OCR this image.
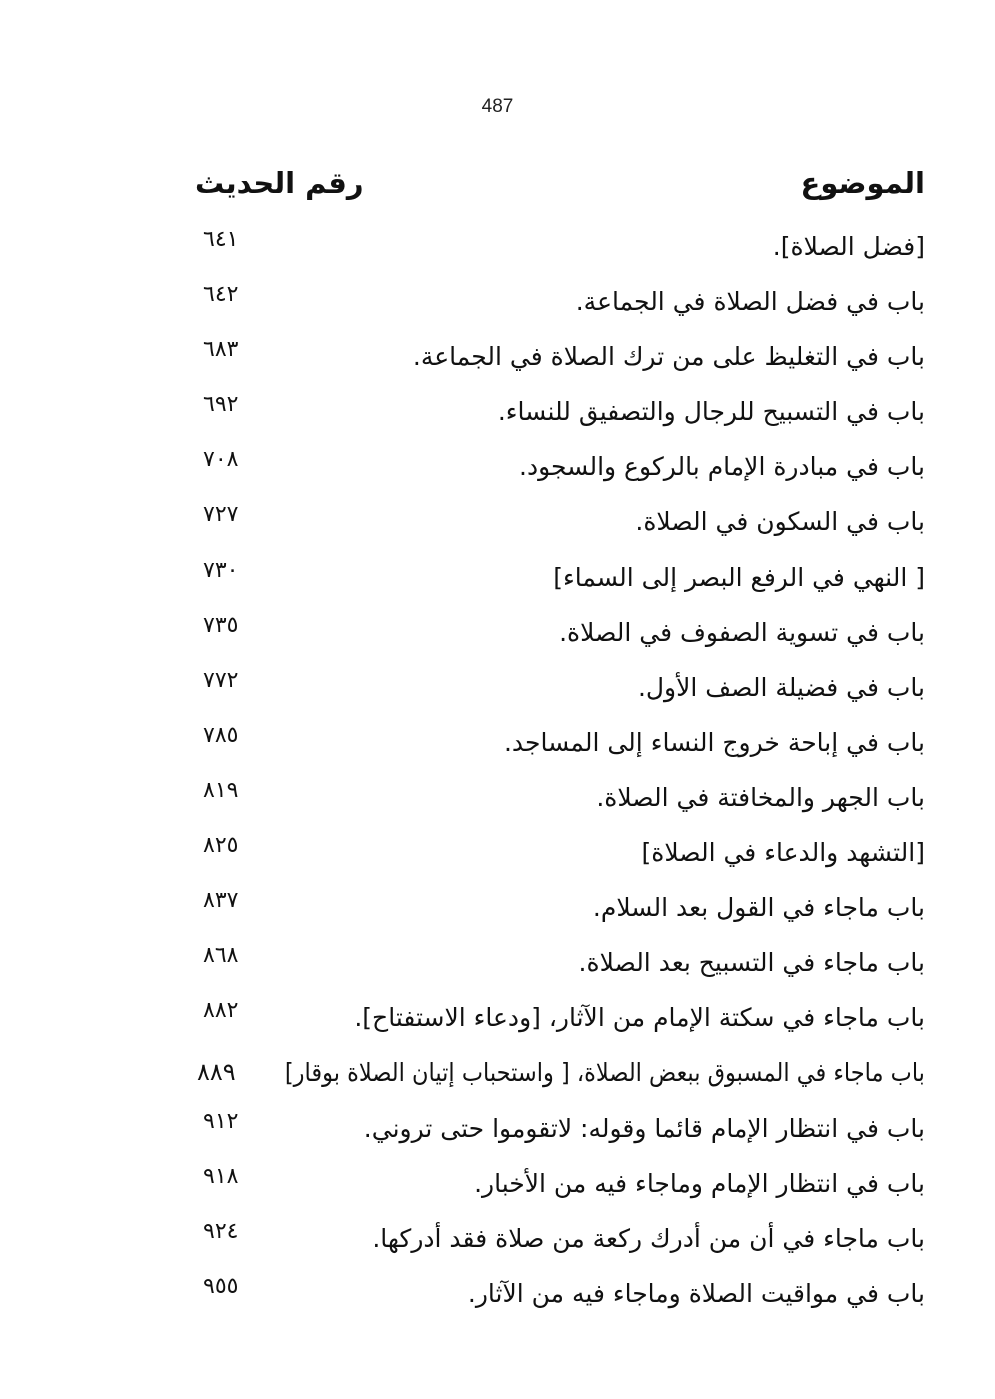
487
الموضوع
رقم الحديث
[فضل الصلاة].
٦٤١
باب في فضل الصلاة في الجماعة.
٦٤٢
باب في التغليظ على من ترك الصلاة في الجماعة.
٦٨٣
باب في التسبيح للرجال والتصفيق للنساء.
٦٩٢
باب في مبادرة الإمام بالركوع والسجود.
٧٠٨
باب في السكون في الصلاة.
٧٢٧
[ النهي في الرفع البصر إلى السماء]
٧٣٠
باب في تسوية الصفوف في الصلاة.
٧٣٥
باب في فضيلة الصف الأول.
٧٧٢
باب في إباحة خروج النساء إلى المساجد.
٧٨٥
باب الجهر والمخافتة في الصلاة.
٨١٩
[التشهد والدعاء في الصلاة]
٨٢٥
باب ماجاء في القول بعد السلام.
٨٣٧
باب ماجاء في التسبيح بعد الصلاة.
٨٦٨
باب ماجاء في سكتة الإمام من الآثار، [ودعاء الاستفتاح].
٨٨٢
باب ماجاء في المسبوق ببعض الصلاة، [ واستحباب إتيان الصلاة بوقار]
٨٨٩
باب في انتظار الإمام قائما وقوله: لاتقوموا حتى تروني.
٩١٢
باب في انتظار الإمام وماجاء فيه من الأخبار.
٩١٨
باب ماجاء في أن من أدرك ركعة من صلاة فقد أدركها.
٩٢٤
باب في مواقيت الصلاة وماجاء فيه من الآثار.
٩٥٥
